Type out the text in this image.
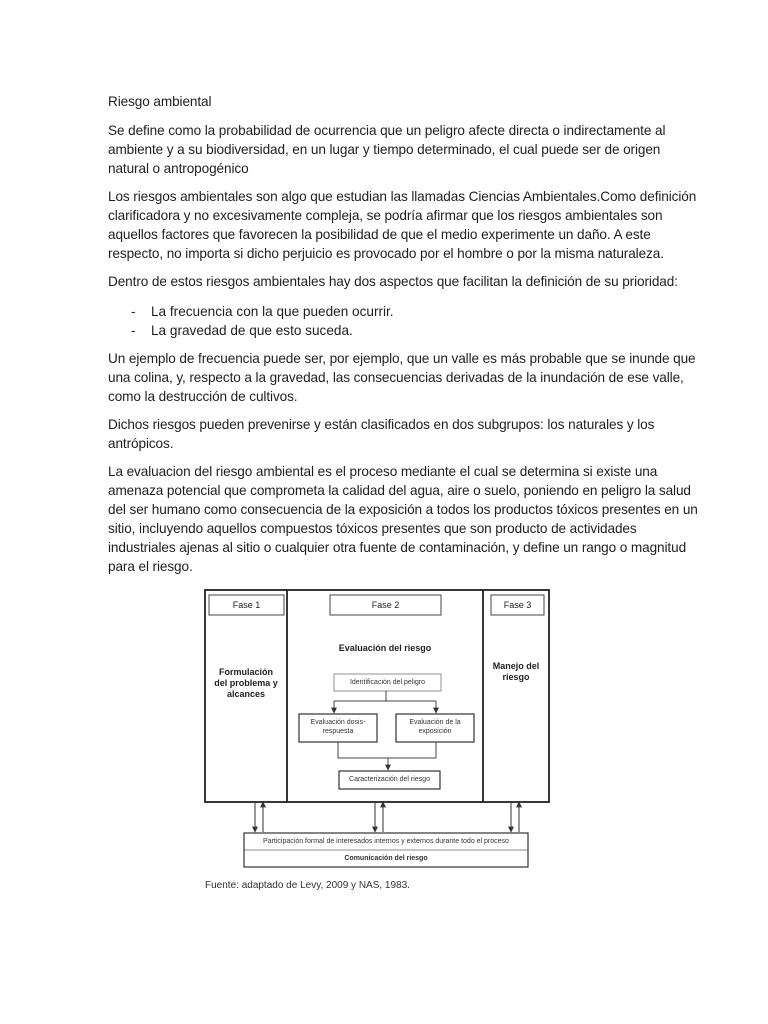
Riesgo ambiental
Se define como la probabilidad de ocurrencia que un peligro afecte directa o indirectamente al
ambiente y a su biodiversidad, en un lugar y tiempo determinado, el cual puede ser de origen
natural o antropogénico
Los riesgos ambientales son algo que estudian las llamadas Ciencias Ambientales.Como definición
clarificadora y no excesivamente compleja, se podría afirmar que los riesgos ambientales son
aquellos factores que favorecen la posibilidad de que el medio experimente un daño. A este
respecto, no importa si dicho perjuicio es provocado por el hombre o por la misma naturaleza.
Dentro de estos riesgos ambientales hay dos aspectos que facilitan la definición de su prioridad:
- La frecuencia con la que pueden ocurrir.
- La gravedad de que esto suceda.
Un ejemplo de frecuencia puede ser, por ejemplo, que un valle es más probable que se inunde que
una colina, y, respecto a la gravedad, las consecuencias derivadas de la inundación de ese valle,
como la destrucción de cultivos.
Dichos riesgos pueden prevenirse y están clasificados en dos subgrupos: los naturales y los
antrópicos.
La evaluacion del riesgo ambiental es el proceso mediante el cual se determina si existe una
amenaza potencial que comprometa la calidad del agua, aire o suelo, poniendo en peligro la salud
del ser humano como consecuencia de la exposición a todos los productos tóxicos presentes en un
sitio, incluyendo aquellos compuestos tóxicos presentes que son producto de actividades
industriales ajenas al sitio o cualquier otra fuente de contaminación, y define un rango o magnitud
para el riesgo.
Fase 1	Fase 2	Fase 3
Formulación
del problema y
alcances
Evaluación del riesgo
Identificación del peligro
Evaluación dosis-
respuesta
Evaluación de la
exposición
Caracterización del riesgo
Manejo del riesgo
Participación formal de interesados internos y externos durante todo el proceso
Comunicación del riesgo
Fuente: adaptado de Levy, 2009 y NAS, 1983.
